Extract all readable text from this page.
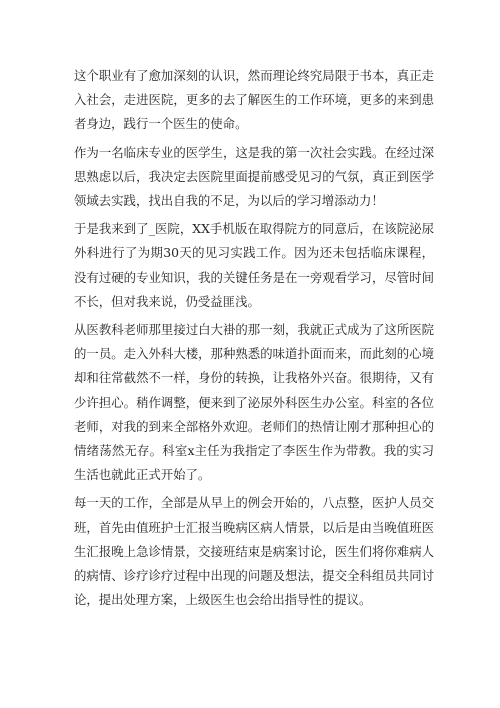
这个职业有了愈加深刻的认识，然而理论终究局限于书本，真正走入社会，走进医院，更多的去了解医生的工作环境，更多的来到患者身边，践行一个医生的使命。

作为一名临床专业的医学生，这是我的第一次社会实践。在经过深思熟虑以后，我决定去医院里面提前感受见习的气氛，真正到医学领域去实践，找出自我的不足，为以后的学习增添动力！

于是我来到了_医院，XX手机版在取得院方的同意后，在该院泌尿外科进行了为期30天的见习实践工作。因为还未包括临床课程，没有过硬的专业知识，我的关键任务是在一旁观看学习，尽管时间不长，但对我来说，仍受益匪浅。

从医教科老师那里接过白大褂的那一刻，我就正式成为了这所医院的一员。走入外科大楼，那种熟悉的味道扑面而来，而此刻的心境却和往常截然不一样，身份的转换，让我格外兴奋。很期待，又有少许担心。稍作调整，便来到了泌尿外科医生办公室。科室的各位老师，对我的到来全部格外欢迎。老师们的热情让刚才那种担心的情绪荡然无存。科室x主任为我指定了李医生作为带教。我的实习生活也就此正式开始了。

每一天的工作，全部是从早上的例会开始的，八点整，医护人员交班，首先由值班护士汇报当晚病区病人情景，以后是由当晚值班医生汇报晚上急诊情景，交接班结束是病案讨论，医生们将你难病人的病情、诊疗诊疗过程中出现的问题及想法，提交全科组员共同讨论，提出处理方案，上级医生也会给出指导性的提议。
